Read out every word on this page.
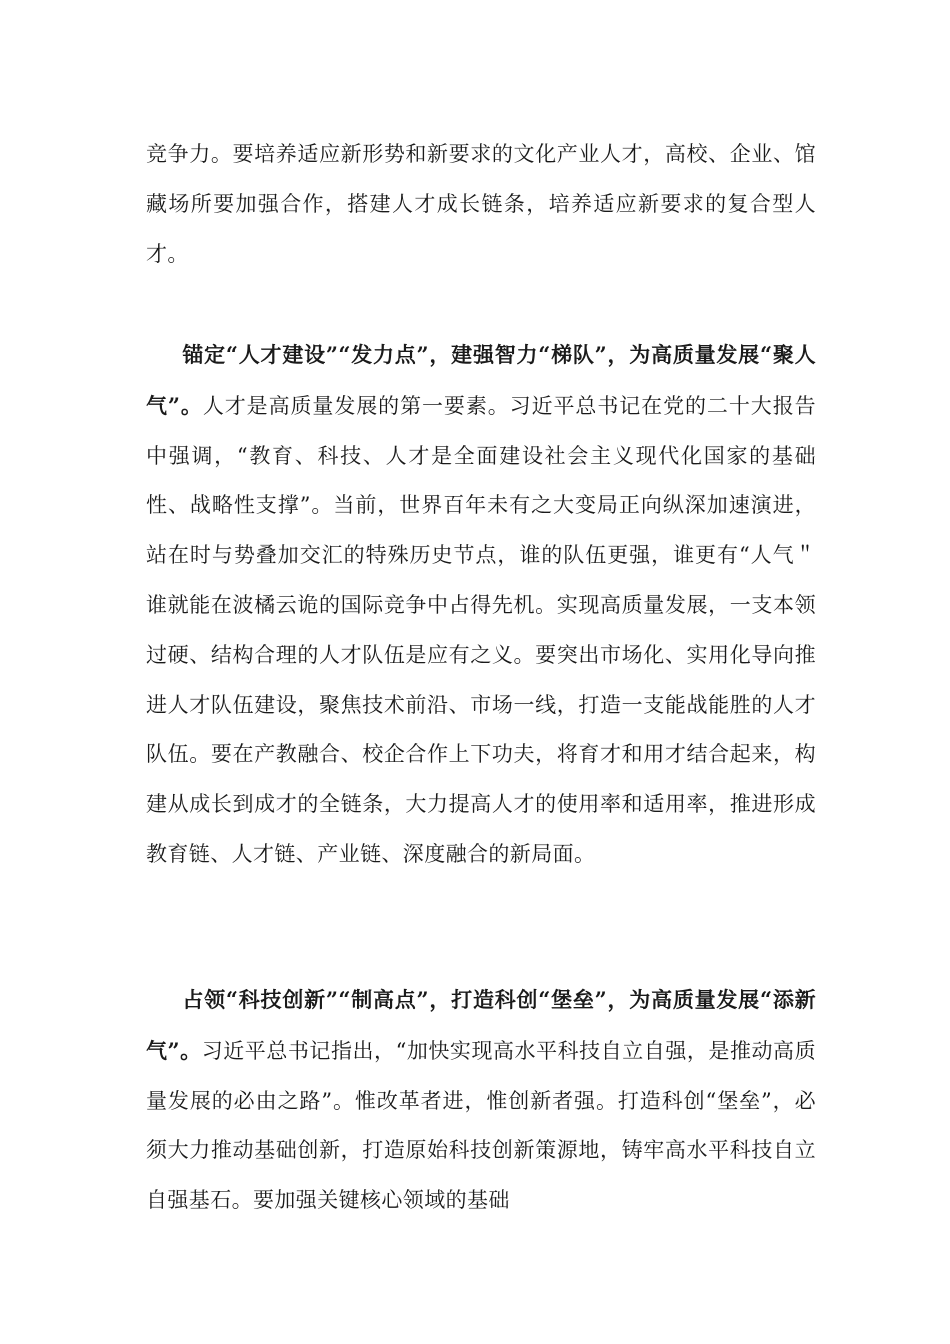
竞争力。要培养适应新形势和新要求的文化产业人才，高校、企业、馆藏场所要加强合作，搭建人才成长链条，培养适应新要求的复合型人才。

锚定“人才建设”“发力点”，建强智力“梯队”，为高质量发展“聚人气”。人才是高质量发展的第一要素。习近平总书记在党的二十大报告中强调，“教育、科技、人才是全面建设社会主义现代化国家的基础性、战略性支撑”。当前，世界百年未有之大变局正向纵深加速演进，站在时与势叠加交汇的特殊历史节点，谁的队伍更强，谁更有“人气＂谁就能在波橘云诡的国际竞争中占得先机。实现高质量发展，一支本领过硬、结构合理的人才队伍是应有之义。要突出市场化、实用化导向推进人才队伍建设，聚焦技术前沿、市场一线，打造一支能战能胜的人才队伍。要在产教融合、校企合作上下功夫，将育才和用才结合起来，构建从成长到成才的全链条，大力提高人才的使用率和适用率，推进形成教育链、人才链、产业链、深度融合的新局面。

占领“科技创新”“制高点”，打造科创“堡垒”，为高质量发展“添新气”。习近平总书记指出，“加快实现高水平科技自立自强，是推动高质量发展的必由之路”。惟改革者进，惟创新者强。打造科创“堡垒”，必须大力推动基础创新，打造原始科技创新策源地，铸牢高水平科技自立自强基石。要加强关键核心领域的基础
